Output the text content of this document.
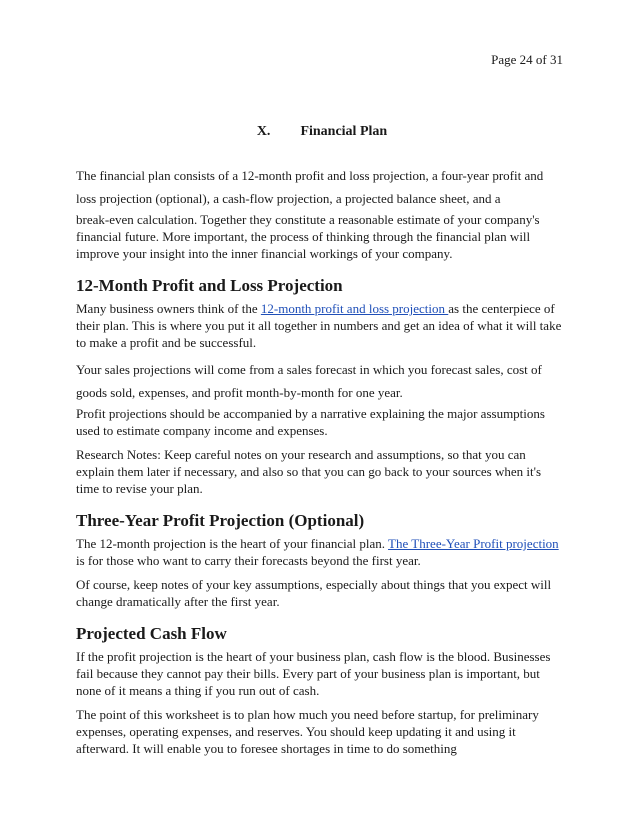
Page 24 of 31
X. Financial Plan

The financial plan consists of a 12-month profit and loss projection, a four-year profit and loss projection (optional), a cash-flow projection, a projected balance sheet, and a

break-even calculation. Together they constitute a reasonable estimate of your company's financial future. More important, the process of thinking through the financial plan will improve your insight into the inner financial workings of your company.

12-Month Profit and Loss Projection

Many business owners think of the 12-month profit and loss projection as the centerpiece of their plan. This is where you put it all together in numbers and get an idea of what it will take to make a profit and be successful.

Your sales projections will come from a sales forecast in which you forecast sales, cost of goods sold, expenses, and profit month-by-month for one year.

Profit projections should be accompanied by a narrative explaining the major assumptions used to estimate company income and expenses.

Research Notes: Keep careful notes on your research and assumptions, so that you can explain them later if necessary, and also so that you can go back to your sources when it's time to revise your plan.

Three-Year Profit Projection (Optional)

The 12-month projection is the heart of your financial plan. The Three-Year Profit projection is for those who want to carry their forecasts beyond the first year.

Of course, keep notes of your key assumptions, especially about things that you expect will change dramatically after the first year.

Projected Cash Flow

If the profit projection is the heart of your business plan, cash flow is the blood. Businesses fail because they cannot pay their bills. Every part of your business plan is important, but none of it means a thing if you run out of cash.

The point of this worksheet is to plan how much you need before startup, for preliminary expenses, operating expenses, and reserves. You should keep updating it and using it afterward. It will enable you to foresee shortages in time to do something
